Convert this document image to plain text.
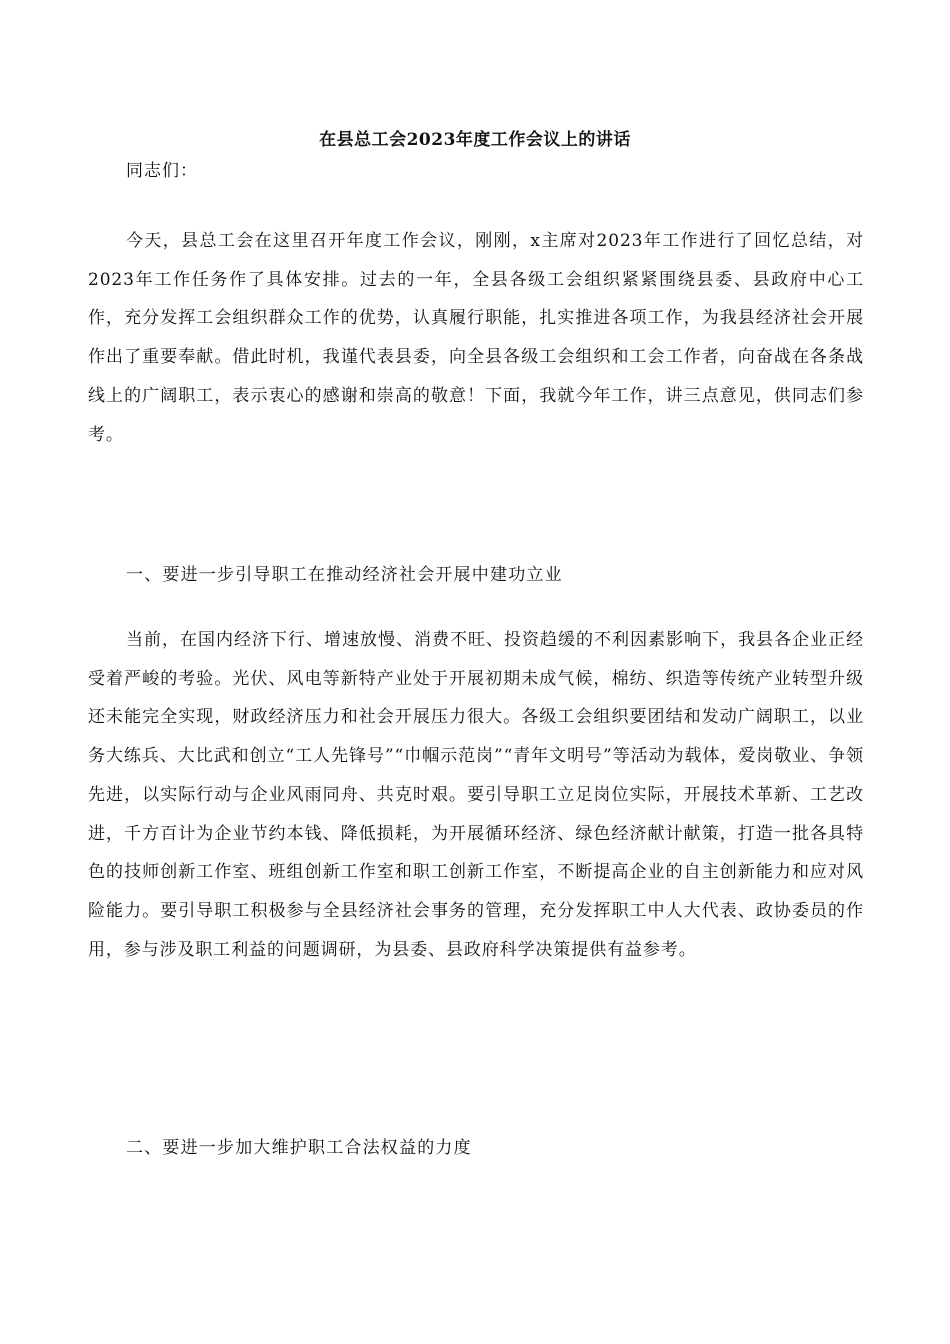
在县总工会2023年度工作会议上的讲话
同志们：

今天，县总工会在这里召开年度工作会议，刚刚，x主席对2023年工作进行了回忆总结，对2023年工作任务作了具体安排。过去的一年，全县各级工会组织紧紧围绕县委、县政府中心工作，充分发挥工会组织群众工作的优势，认真履行职能，扎实推进各项工作，为我县经济社会开展作出了重要奉献。借此时机，我谨代表县委，向全县各级工会组织和工会工作者，向奋战在各条战线上的广阔职工，表示衷心的感谢和崇高的敬意！下面，我就今年工作，讲三点意见，供同志们参考。

一、要进一步引导职工在推动经济社会开展中建功立业

当前，在国内经济下行、增速放慢、消费不旺、投资趋缓的不利因素影响下，我县各企业正经受着严峻的考验。光伏、风电等新特产业处于开展初期未成气候，棉纺、织造等传统产业转型升级还未能完全实现，财政经济压力和社会开展压力很大。各级工会组织要团结和发动广阔职工，以业务大练兵、大比武和创立“工人先锋号”“巾帼示范岗”“青年文明号”等活动为载体，爱岗敬业、争领先进，以实际行动与企业风雨同舟、共克时艰。要引导职工立足岗位实际，开展技术革新、工艺改进，千方百计为企业节约本钱、降低损耗，为开展循环经济、绿色经济献计献策，打造一批各具特色的技师创新工作室、班组创新工作室和职工创新工作室，不断提高企业的自主创新能力和应对风险能力。要引导职工积极参与全县经济社会事务的管理，充分发挥职工中人大代表、政协委员的作用，参与涉及职工利益的问题调研，为县委、县政府科学决策提供有益参考。

二、要进一步加大维护职工合法权益的力度
